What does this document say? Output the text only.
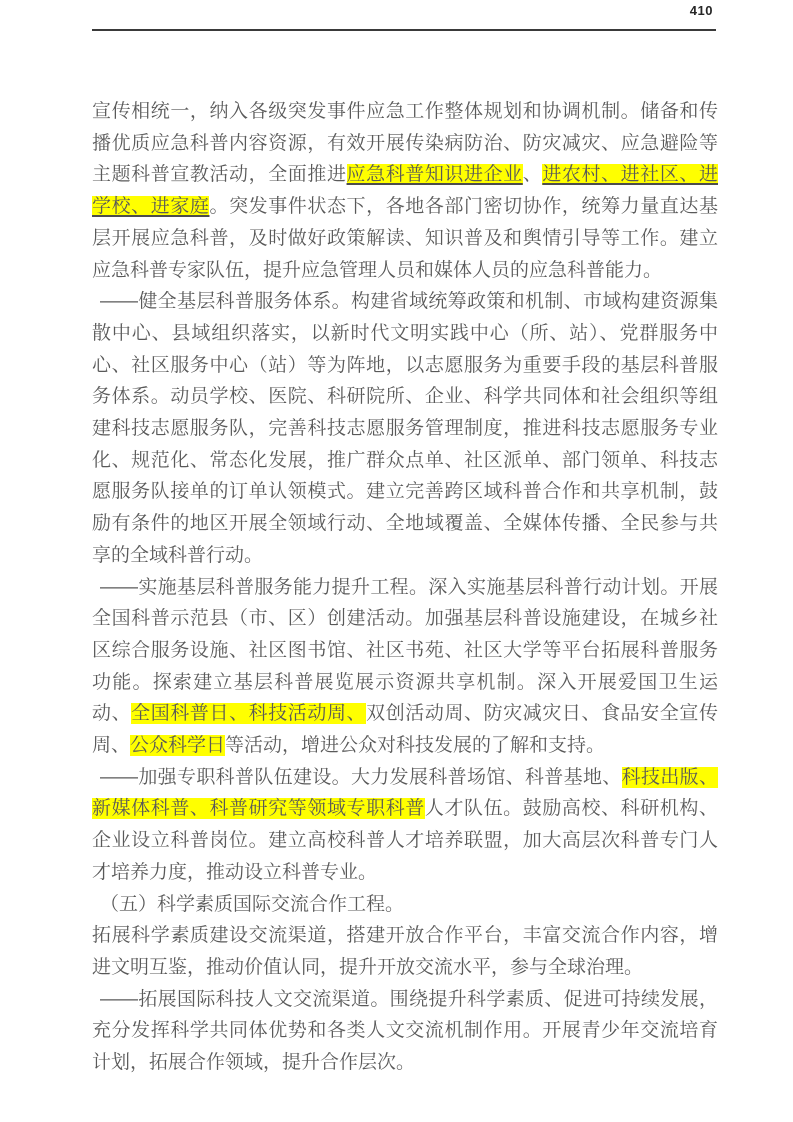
410

宣传相统一，纳入各级突发事件应急工作整体规划和协调机制。储备和传播优质应急科普内容资源，有效开展传染病防治、防灾减灾、应急避险等主题科普宣教活动，全面推进应急科普知识进企业、进农村、进社区、进学校、进家庭。突发事件状态下，各地各部门密切协作，统筹力量直达基层开展应急科普，及时做好政策解读、知识普及和舆情引导等工作。建立应急科普专家队伍，提升应急管理人员和媒体人员的应急科普能力。

——健全基层科普服务体系。构建省域统筹政策和机制、市域构建资源集散中心、县域组织落实，以新时代文明实践中心（所、站）、党群服务中心、社区服务中心（站）等为阵地，以志愿服务为重要手段的基层科普服务体系。动员学校、医院、科研院所、企业、科学共同体和社会组织等组建科技志愿服务队，完善科技志愿服务管理制度，推进科技志愿服务专业化、规范化、常态化发展，推广群众点单、社区派单、部门领单、科技志愿服务队接单的订单认领模式。建立完善跨区域科普合作和共享机制，鼓励有条件的地区开展全领域行动、全地域覆盖、全媒体传播、全民参与共享的全域科普行动。

——实施基层科普服务能力提升工程。深入实施基层科普行动计划。开展全国科普示范县（市、区）创建活动。加强基层科普设施建设，在城乡社区综合服务设施、社区图书馆、社区书苑、社区大学等平台拓展科普服务功能。探索建立基层科普展览展示资源共享机制。深入开展爱国卫生运动、全国科普日、科技活动周、双创活动周、防灾减灾日、食品安全宣传周、公众科学日等活动，增进公众对科技发展的了解和支持。

——加强专职科普队伍建设。大力发展科普场馆、科普基地、科技出版、新媒体科普、科普研究等领域专职科普人才队伍。鼓励高校、科研机构、企业设立科普岗位。建立高校科普人才培养联盟，加大高层次科普专门人才培养力度，推动设立科普专业。

（五）科学素质国际交流合作工程。

拓展科学素质建设交流渠道，搭建开放合作平台，丰富交流合作内容，增进文明互鉴，推动价值认同，提升开放交流水平，参与全球治理。

——拓展国际科技人文交流渠道。围绕提升科学素质、促进可持续发展，充分发挥科学共同体优势和各类人文交流机制作用。开展青少年交流培育计划，拓展合作领域，提升合作层次。
